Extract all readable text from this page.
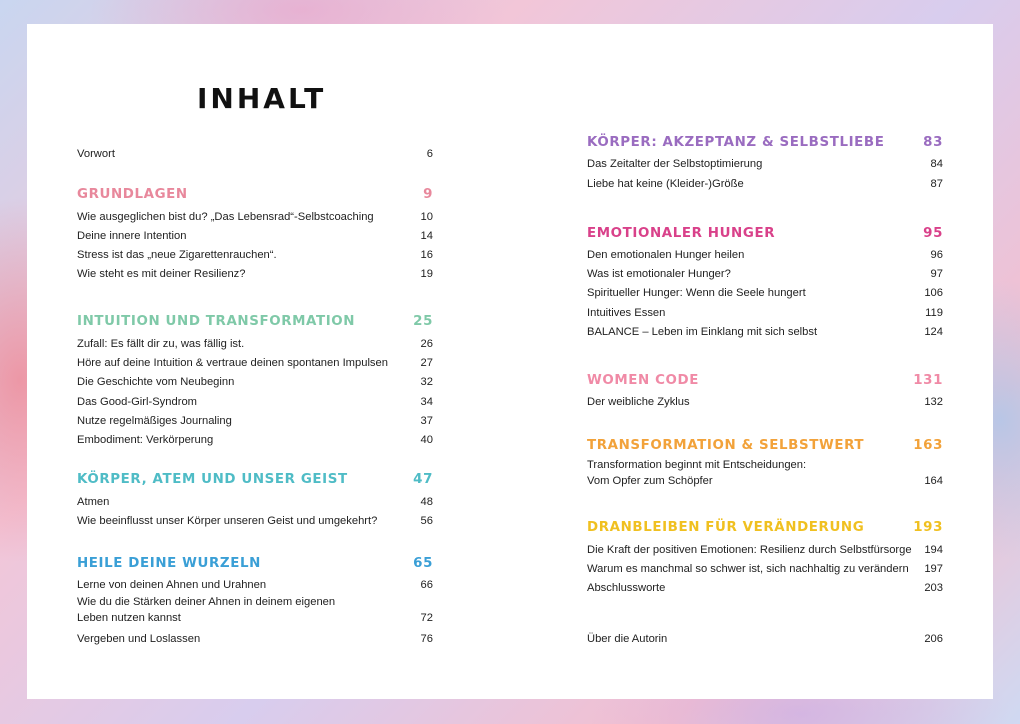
INHALT
Vorwort	6
GRUNDLAGEN	9
Wie ausgeglichen bist du? „Das Lebensrad“-Selbstcoaching	10
Deine innere Intention	14
Stress ist das „neue Zigarettenrauchen“.	16
Wie steht es mit deiner Resilienz?	19
INTUITION UND TRANSFORMATION	25
Zufall: Es fällt dir zu, was fällig ist.	26
Höre auf deine Intuition & vertraue deinen spontanen Impulsen	27
Die Geschichte vom Neubeginn	32
Das Good-Girl-Syndrom	34
Nutze regelmäßiges Journaling	37
Embodiment: Verkörperung	40
KÖRPER, ATEM UND UNSER GEIST	47
Atmen	48
Wie beeinflusst unser Körper unseren Geist und umgekehrt?	56
HEILE DEINE WURZELN	65
Lerne von deinen Ahnen und Urahnen	66
Wie du die Stärken deiner Ahnen in deinem eigenen
Leben nutzen kannst	72
Vergeben und Loslassen	76
KÖRPER: AKZEPTANZ & SELBSTLIEBE	83
Das Zeitalter der Selbstoptimierung	84
Liebe hat keine (Kleider-)Größe	87
EMOTIONALER HUNGER	95
Den emotionalen Hunger heilen	96
Was ist emotionaler Hunger?	97
Spiritueller Hunger: Wenn die Seele hungert	106
Intuitives Essen	119
BALANCE – Leben im Einklang mit sich selbst	124
WOMEN CODE	131
Der weibliche Zyklus	132
TRANSFORMATION & SELBSTWERT	163
Transformation beginnt mit Entscheidungen:
Vom Opfer zum Schöpfer	164
DRANBLEIBEN FÜR VERÄNDERUNG	193
Die Kraft der positiven Emotionen: Resilienz durch Selbstfürsorge	194
Warum es manchmal so schwer ist, sich nachhaltig zu verändern	197
Abschlussworte	203
Über die Autorin	206
